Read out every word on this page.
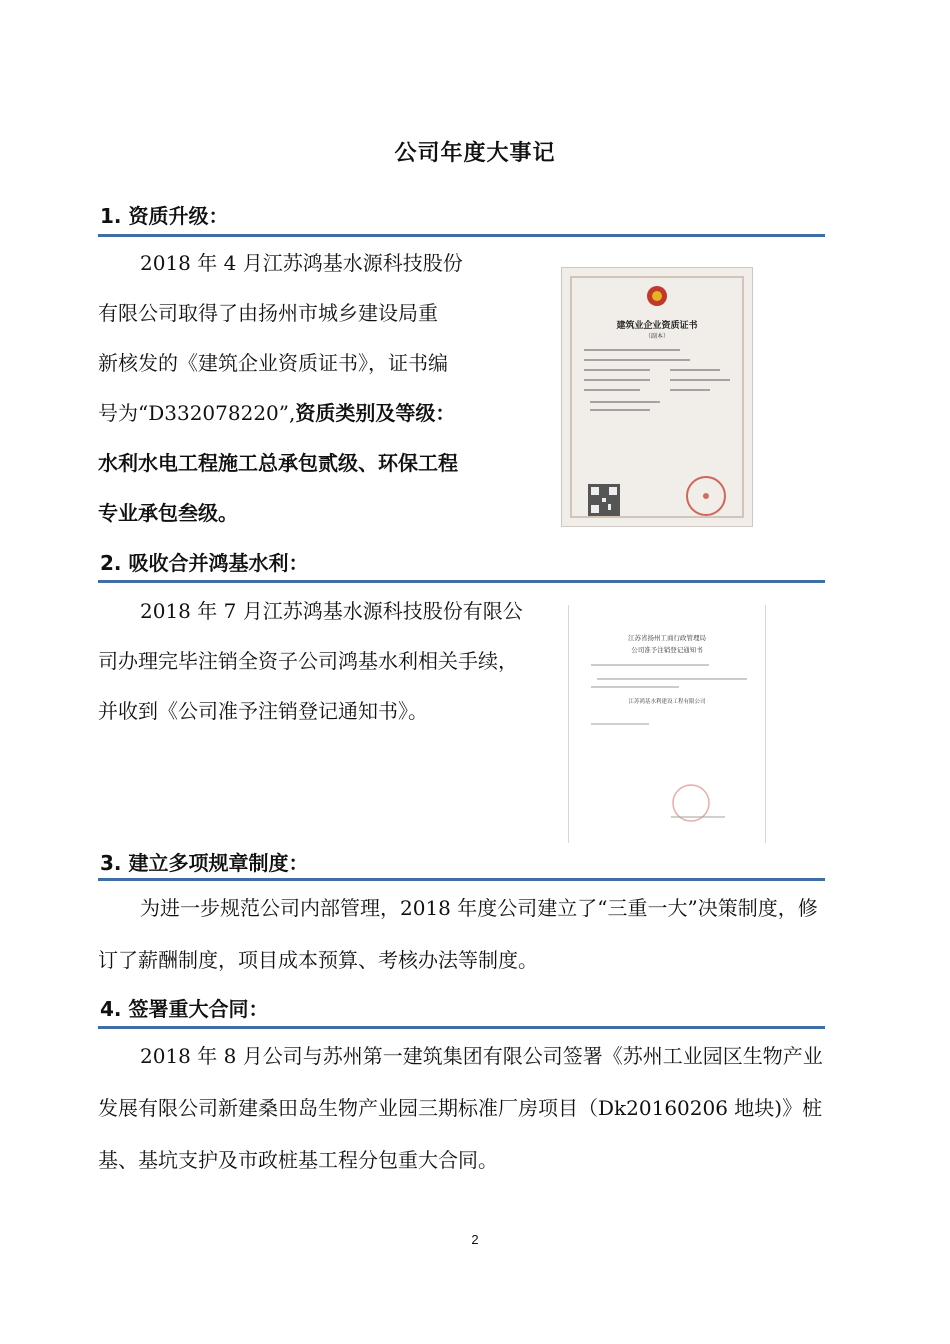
公司年度大事记
1. 资质升级：
2018 年 4 月江苏鸿基水源科技股份
有限公司取得了由扬州市城乡建设局重
新核发的《建筑企业资质证书》，证书编
号为“D332078220”,资质类别及等级：
水利水电工程施工总承包贰级、环保工程
专业承包叁级。
建筑业企业资质证书
（副本）
2. 吸收合并鸿基水利：
2018 年 7 月江苏鸿基水源科技股份有限公
司办理完毕注销全资子公司鸿基水利相关手续，
并收到《公司准予注销登记通知书》。
江苏省扬州工商行政管理局
公司准予注销登记通知书
江苏鸿基水利建设工程有限公司
3. 建立多项规章制度：
为进一步规范公司内部管理，2018 年度公司建立了“三重一大”决策制度，修订了薪酬制度，项目成本预算、考核办法等制度。
4. 签署重大合同：
2018 年 8 月公司与苏州第一建筑集团有限公司签署《苏州工业园区生物产业发展有限公司新建桑田岛生物产业园三期标准厂房项目（Dk20160206 地块)》桩基、基坑支护及市政桩基工程分包重大合同。
2
